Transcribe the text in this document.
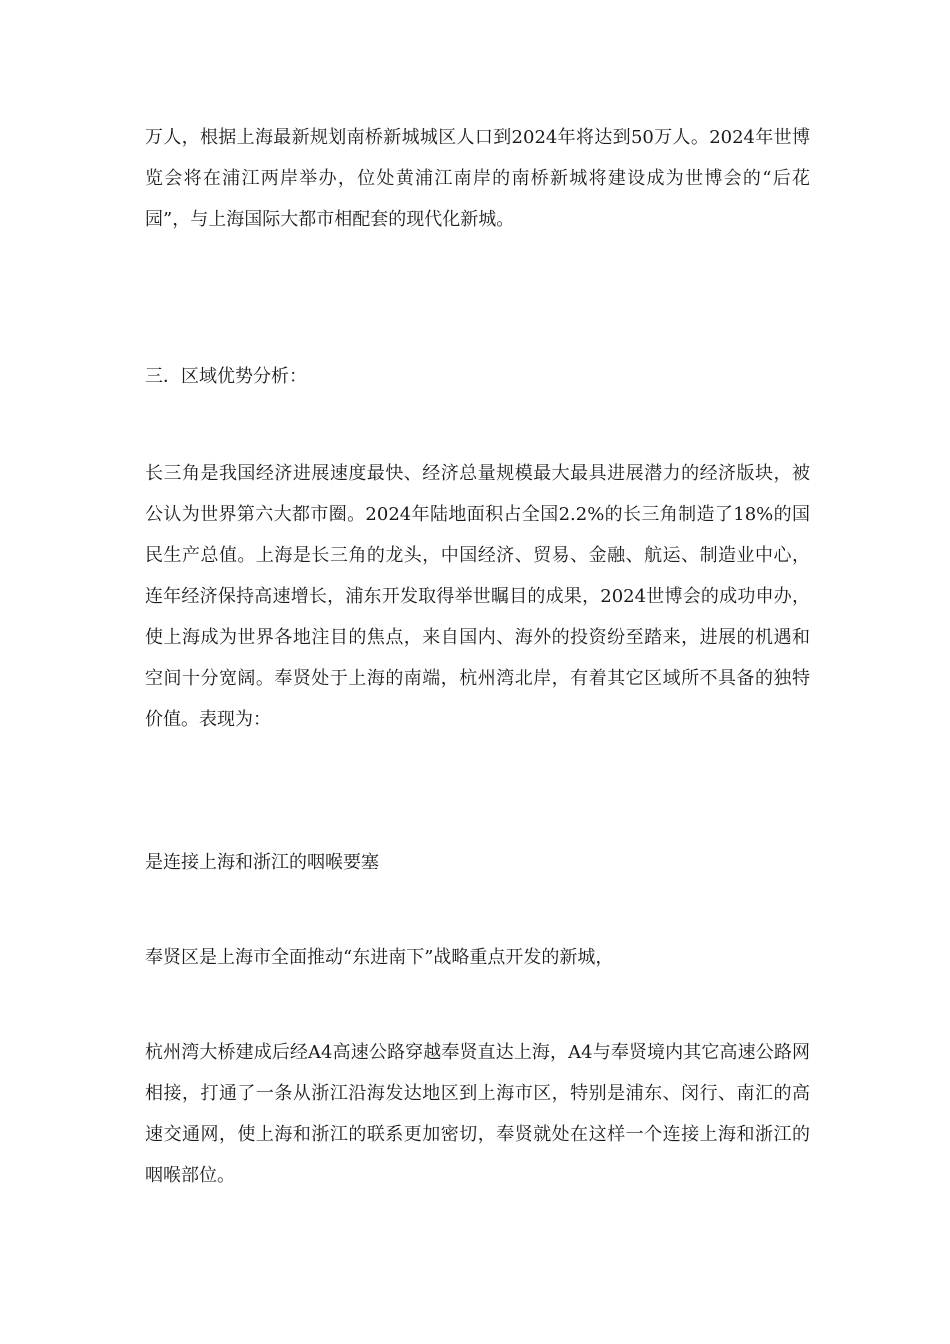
万人，根据上海最新规划南桥新城城区人口到2024年将达到50万人。2024年世博览会将在浦江两岸举办，位处黄浦江南岸的南桥新城将建设成为世博会的“后花园”，与上海国际大都市相配套的现代化新城。

三．区域优势分析：

长三角是我国经济进展速度最快、经济总量规模最大最具进展潜力的经济版块，被公认为世界第六大都市圈。2024年陆地面积占全国2.2%的长三角制造了18%的国民生产总值。上海是长三角的龙头，中国经济、贸易、金融、航运、制造业中心，连年经济保持高速增长，浦东开发取得举世瞩目的成果，2024世博会的成功申办，使上海成为世界各地注目的焦点，来自国内、海外的投资纷至踏来，进展的机遇和空间十分宽阔。奉贤处于上海的南端，杭州湾北岸，有着其它区域所不具备的独特价值。表现为：

是连接上海和浙江的咽喉要塞

奉贤区是上海市全面推动“东进南下”战略重点开发的新城，

杭州湾大桥建成后经A4高速公路穿越奉贤直达上海，A4与奉贤境内其它高速公路网相接，打通了一条从浙江沿海发达地区到上海市区，特别是浦东、闵行、南汇的高速交通网，使上海和浙江的联系更加密切，奉贤就处在这样一个连接上海和浙江的咽喉部位。
